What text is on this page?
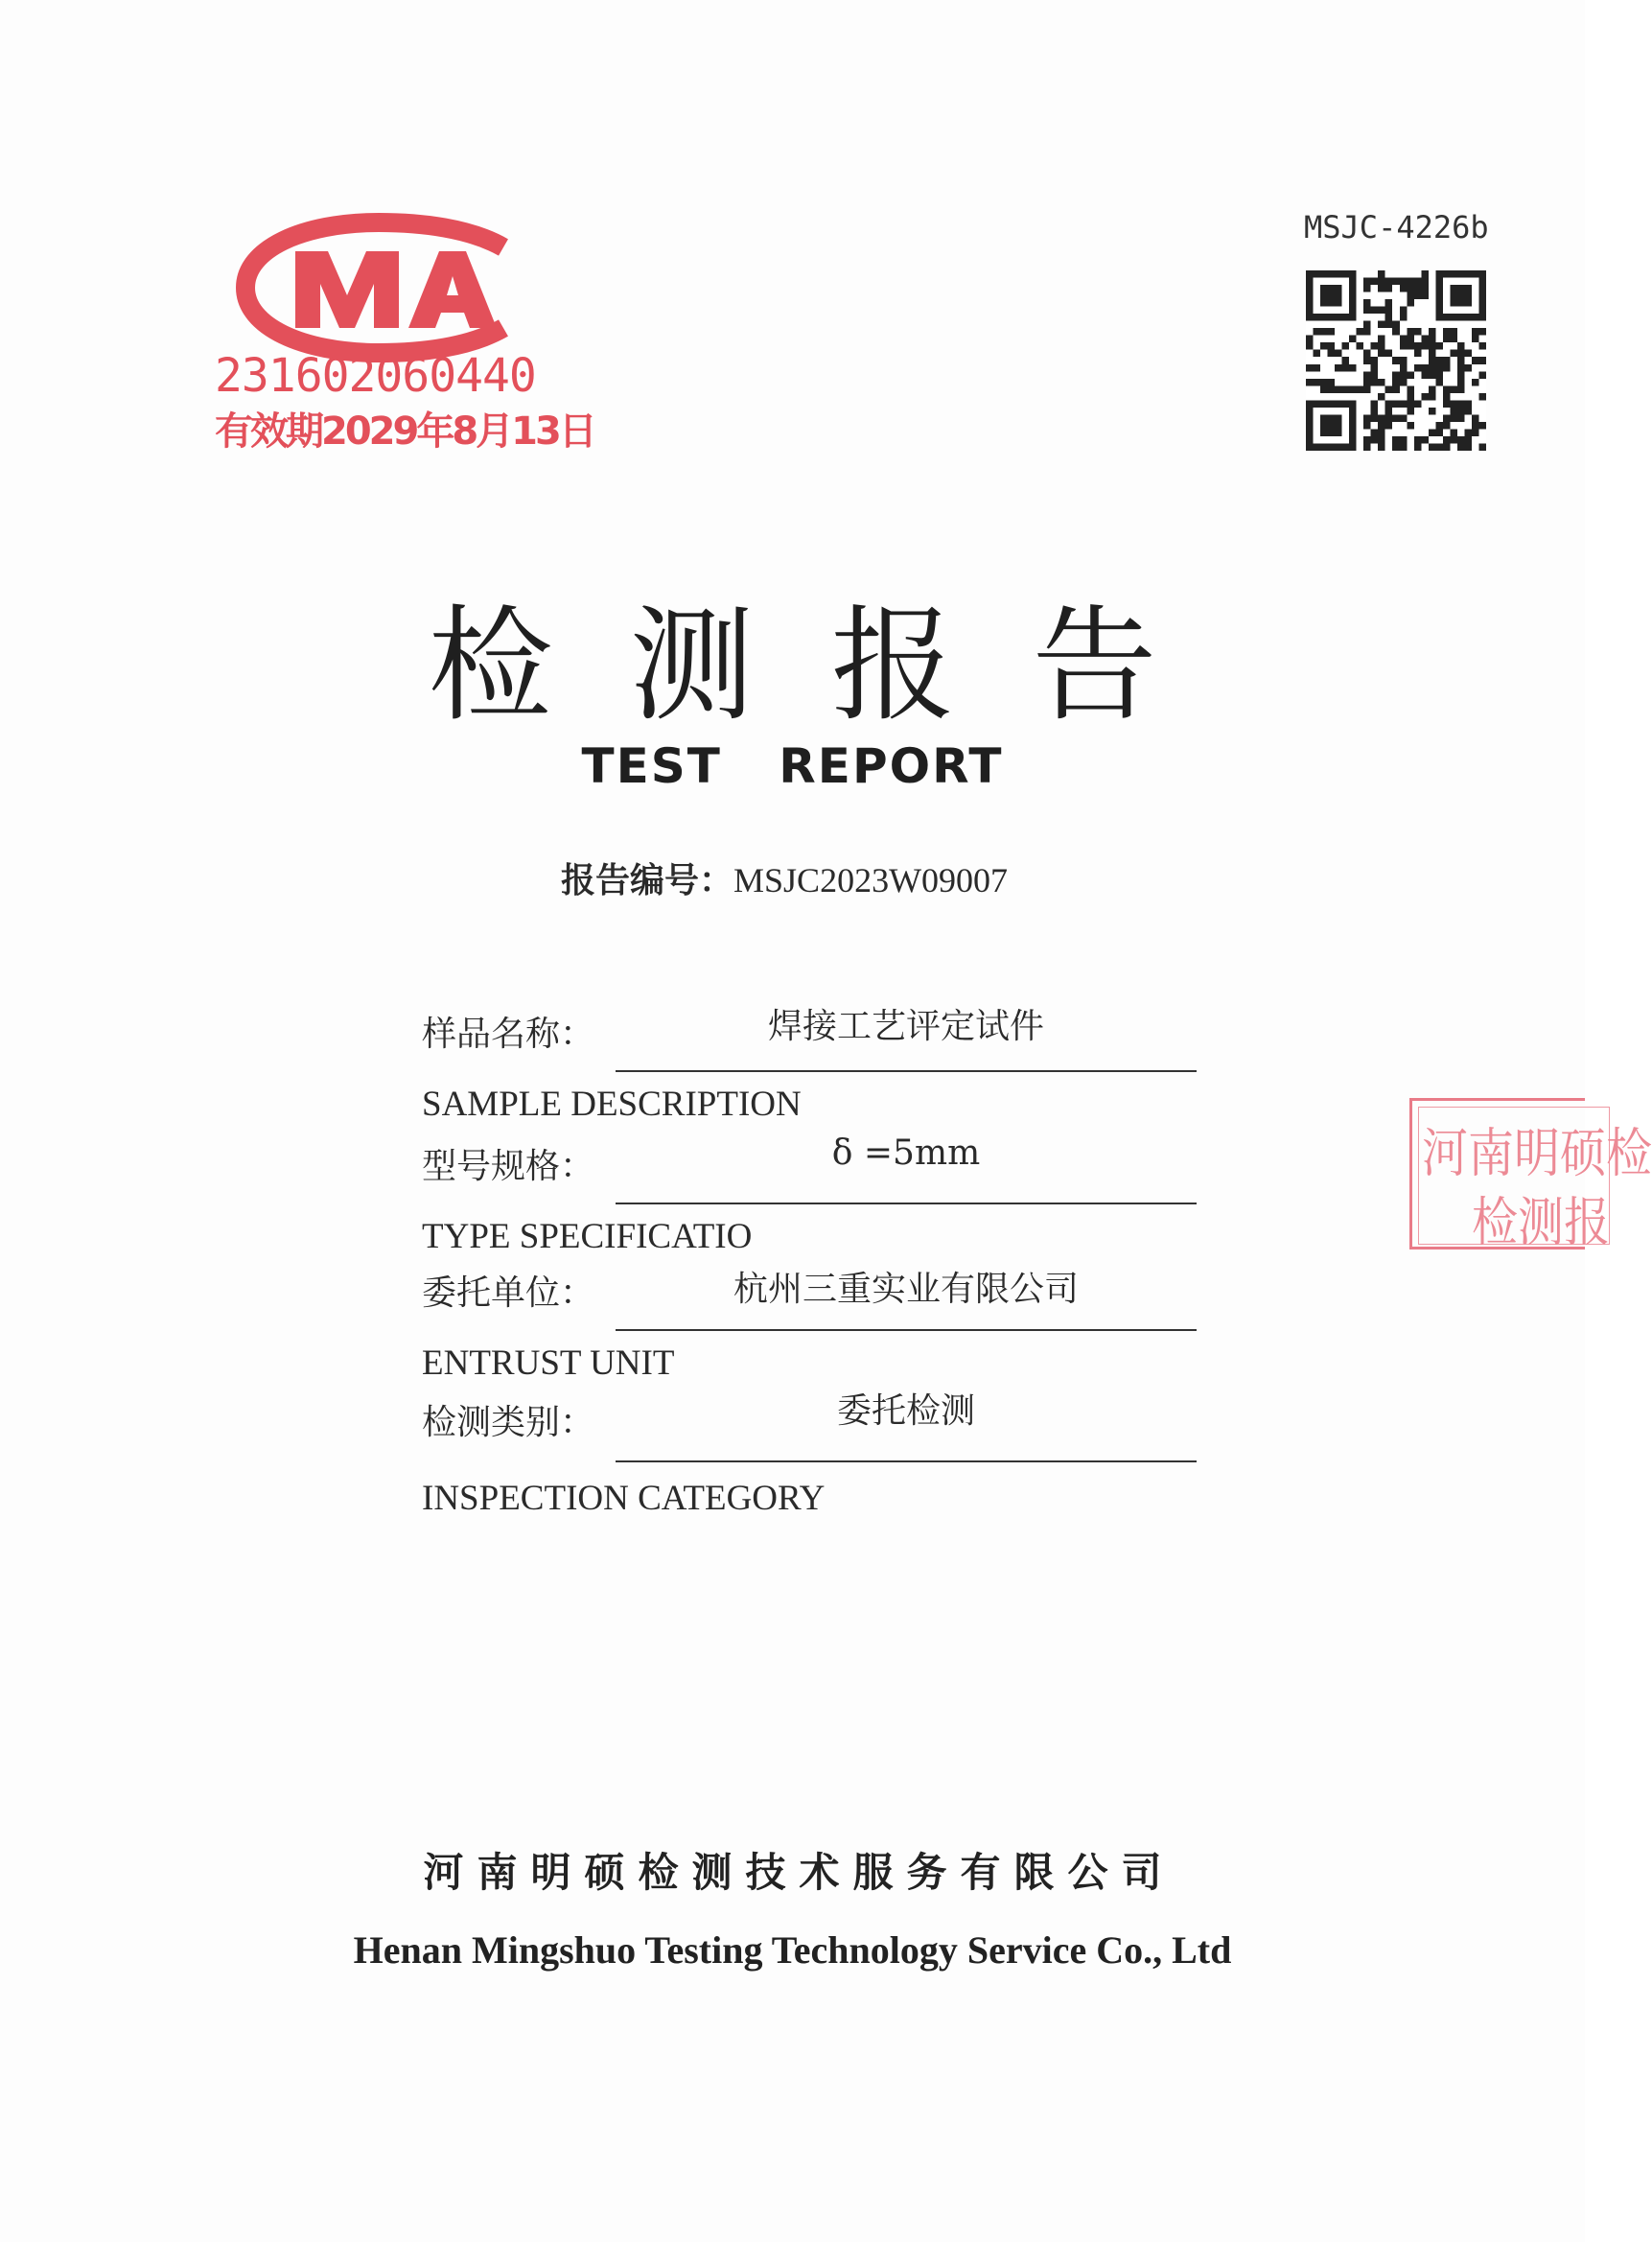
231602060440
有效期2029年8月13日
MSJC-4226b
检测报告
TEST REPORT
报告编号：MSJC2023W09007
样品名称：	焊接工艺评定试件
SAMPLE DESCRIPTION
型号规格：	δ =5mm
TYPE SPECIFICATIO
委托单位：	杭州三重实业有限公司
ENTRUST UNIT
检测类别：	委托检测
INSPECTION CATEGORY
河南明硕检
检测报
河南明硕检测技术服务有限公司
Henan Mingshuo Testing Technology Service Co., Ltd
